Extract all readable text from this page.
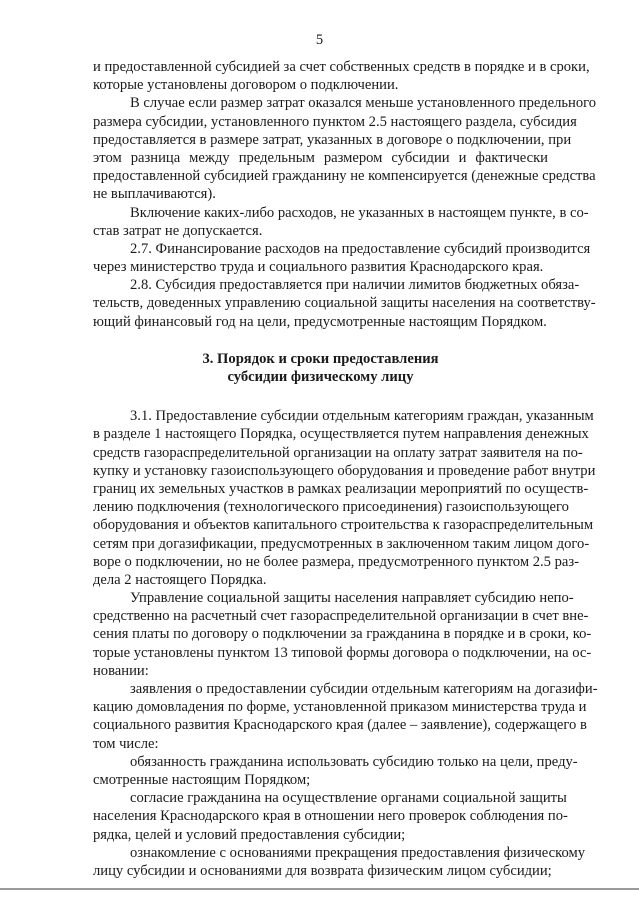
5
и предоставленной субсидией за счет собственных средств в порядке и в сроки,
которые установлены договором о подключении.
В случае если размер затрат оказался меньше установленного предельного
размера субсидии, установленного пунктом 2.5 настоящего раздела, субсидия
предоставляется в размере затрат, указанных в договоре о подключении, при
этом разница между предельным размером субсидии и фактически
предоставленной субсидией гражданину не компенсируется (денежные средства
не выплачиваются).
Включение каких-либо расходов, не указанных в настоящем пункте, в со-
став затрат не допускается.
2.7. Финансирование расходов на предоставление субсидий производится
через министерство труда и социального развития Краснодарского края.
2.8. Субсидия предоставляется при наличии лимитов бюджетных обяза-
тельств, доведенных управлению социальной защиты населения на соответству-
ющий финансовый год на цели, предусмотренные настоящим Порядком.
3. Порядок и сроки предоставления
субсидии физическому лицу
3.1. Предоставление субсидии отдельным категориям граждан, указанным
в разделе 1 настоящего Порядка, осуществляется путем направления денежных
средств газораспределительной организации на оплату затрат заявителя на по-
купку и установку газоиспользующего оборудования и проведение работ внутри
границ их земельных участков в рамках реализации мероприятий по осуществ-
лению подключения (технологического присоединения) газоиспользующего
оборудования и объектов капитального строительства к газораспределительным
сетям при догазификации, предусмотренных в заключенном таким лицом дого-
воре о подключении, но не более размера, предусмотренного пунктом 2.5 раз-
дела 2 настоящего Порядка.
Управление социальной защиты населения направляет субсидию непо-
средственно на расчетный счет газораспределительной организации в счет вне-
сения платы по договору о подключении за гражданина в порядке и в сроки, ко-
торые установлены пунктом 13 типовой формы договора о подключении, на ос-
новании:
заявления о предоставлении субсидии отдельным категориям на догазифи-
кацию домовладения по форме, установленной приказом министерства труда и
социального развития Краснодарского края (далее – заявление), содержащего в
том числе:
обязанность гражданина использовать субсидию только на цели, преду-
смотренные настоящим Порядком;
согласие гражданина на осуществление органами социальной защиты
населения Краснодарского края в отношении него проверок соблюдения по-
рядка, целей и условий предоставления субсидии;
ознакомление с основаниями прекращения предоставления физическому
лицу субсидии и основаниями для возврата физическим лицом субсидии;
